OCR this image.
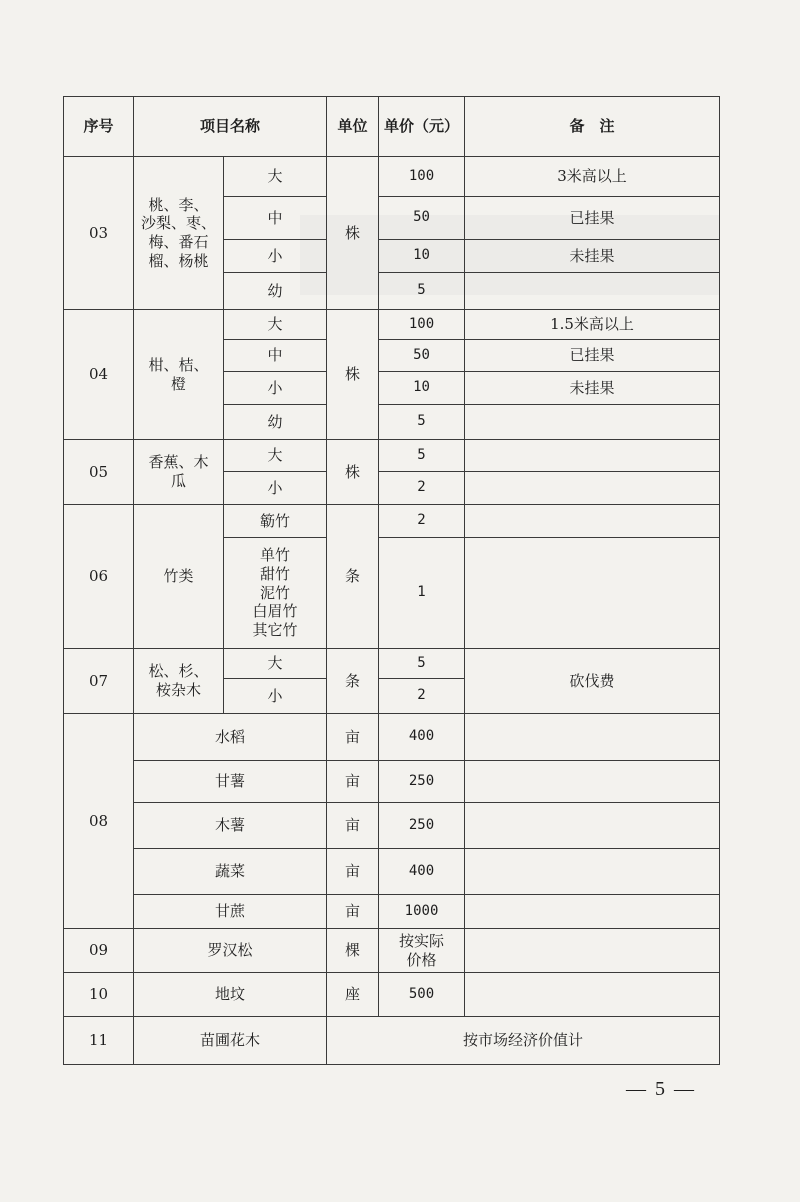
序号	项目名称		单位	单价（元）	备　注
03	桃、李、
沙梨、枣、
梅、番石
榴、杨桃	大	株	100	3米高以上
		中		50	已挂果
		小		10	未挂果
		幼		5	
04	柑、桔、
橙	大	株	100	1.5米高以上
		中		50	已挂果
		小		10	未挂果
		幼		5	
05	香蕉、木
瓜	大	株	5	
		小		2	
06	竹类	簕竹	条	2	
		单竹
甜竹
泥竹
白眉竹
其它竹		1	
07	松、杉、
桉杂木	大	条	5	砍伐费
		小		2	
08	水稻		亩	400	
	甘薯		亩	250	
	木薯		亩	250	
	蔬菜		亩	400	
	甘蔗		亩	1000	
09	罗汉松		棵	按实际
价格	
10	地坟		座	500	
11	苗圃花木		按市场经济价值计		
— 5 —
